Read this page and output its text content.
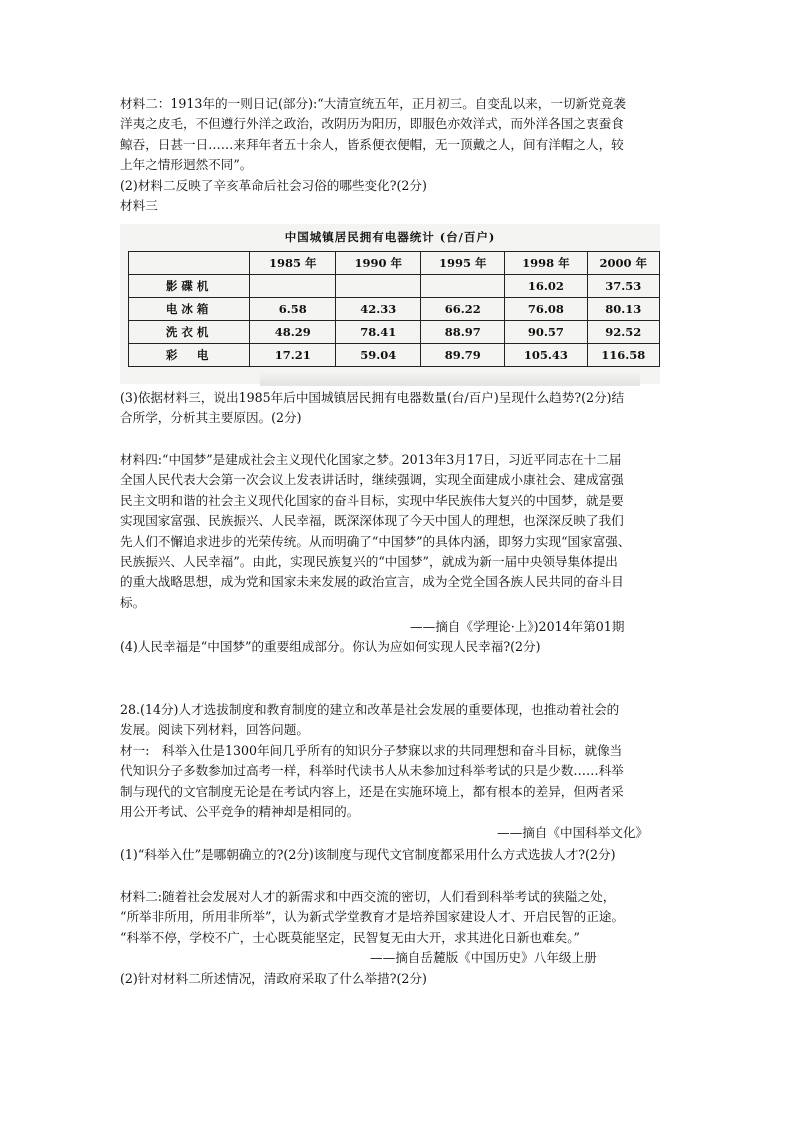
材料二：1913年的一则日记(部分):“大清宣统五年，正月初三。自变乱以来，一切新党竟袭
洋夷之皮毛，不但遵行外洋之政治，改阴历为阳历，即服色亦效洋式，而外洋各国之衷蚕食
鲸吞，日甚一日……来拜年者五十余人，皆系便衣便帽，无一顶戴之人，间有洋帽之人，较
上年之情形迥然不同”。
(2)材料二反映了辛亥革命后社会习俗的哪些变化?(2分)
材料三
中国城镇居民拥有电器统计 (台/百户)
	1985 年	1990 年	1995 年	1998 年	2000 年
影碟机				16.02	37.53
电冰箱	6.58	42.33	66.22	76.08	80.13
洗衣机	48.29	78.41	88.97	90.57	92.52
彩　电	17.21	59.04	89.79	105.43	116.58
(3)依据材料三，说出1985年后中国城镇居民拥有电器数量(台/百户)呈现什么趋势?(2分)结
合所学，分析其主要原因。(2分)
材料四:“中国梦”是建成社会主义现代化国家之梦。2013年3月17日，习近平同志在十二届
全国人民代表大会第一次会议上发表讲话时，继续强调，实现全面建成小康社会、建成富强
民主文明和谐的社会主义现代化国家的奋斗目标，实现中华民族伟大复兴的中国梦，就是要
实现国家富强、民族振兴、人民幸福，既深深体现了今天中国人的理想，也深深反映了我们
先人们不懈追求进步的光荣传统。从而明确了“中国梦”的具体内涵，即努力实现“国家富强、
民族振兴、人民幸福”。由此，实现民族复兴的“中国梦”，就成为新一届中央领导集体提出
的重大战略思想，成为党和国家未来发展的政治宣言，成为全党全国各族人民共同的奋斗目
标。
——摘自《学理论·上》)2014年第01期
(4)人民幸福是“中国梦”的重要组成部分。你认为应如何实现人民幸福?(2分)
28.(14分)人才选拔制度和教育制度的建立和改革是社会发展的重要体现，也推动着社会的
发展。阅读下列材料，回答问题。
材一:　科举入仕是1300年间几乎所有的知识分子梦寐以求的共同理想和奋斗目标，就像当
代知识分子多数参加过高考一样，科举时代读书人从未参加过科举考试的只是少数……科举
制与现代的文官制度无论是在考试内容上，还是在实施环境上，都有根本的差异，但两者采
用公开考试、公平竞争的精神却是相同的。
——摘自《中国科举文化》
(1)“科举入仕”是哪朝确立的?(2分)该制度与现代文官制度都采用什么方式选拔人才?(2分)
材料二:随着社会发展对人才的新需求和中西交流的密切，人们看到科举考试的狭隘之处，
“所举非所用，所用非所举”，认为新式学堂教育才是培养国家建设人才、开启民智的正途。
“科举不停，学校不广，士心既莫能坚定，民智复无由大开，求其进化日新也难矣。”
——摘自岳麓版《中国历史》八年级上册
(2)针对材料二所述情况，清政府采取了什么举措?(2分)
